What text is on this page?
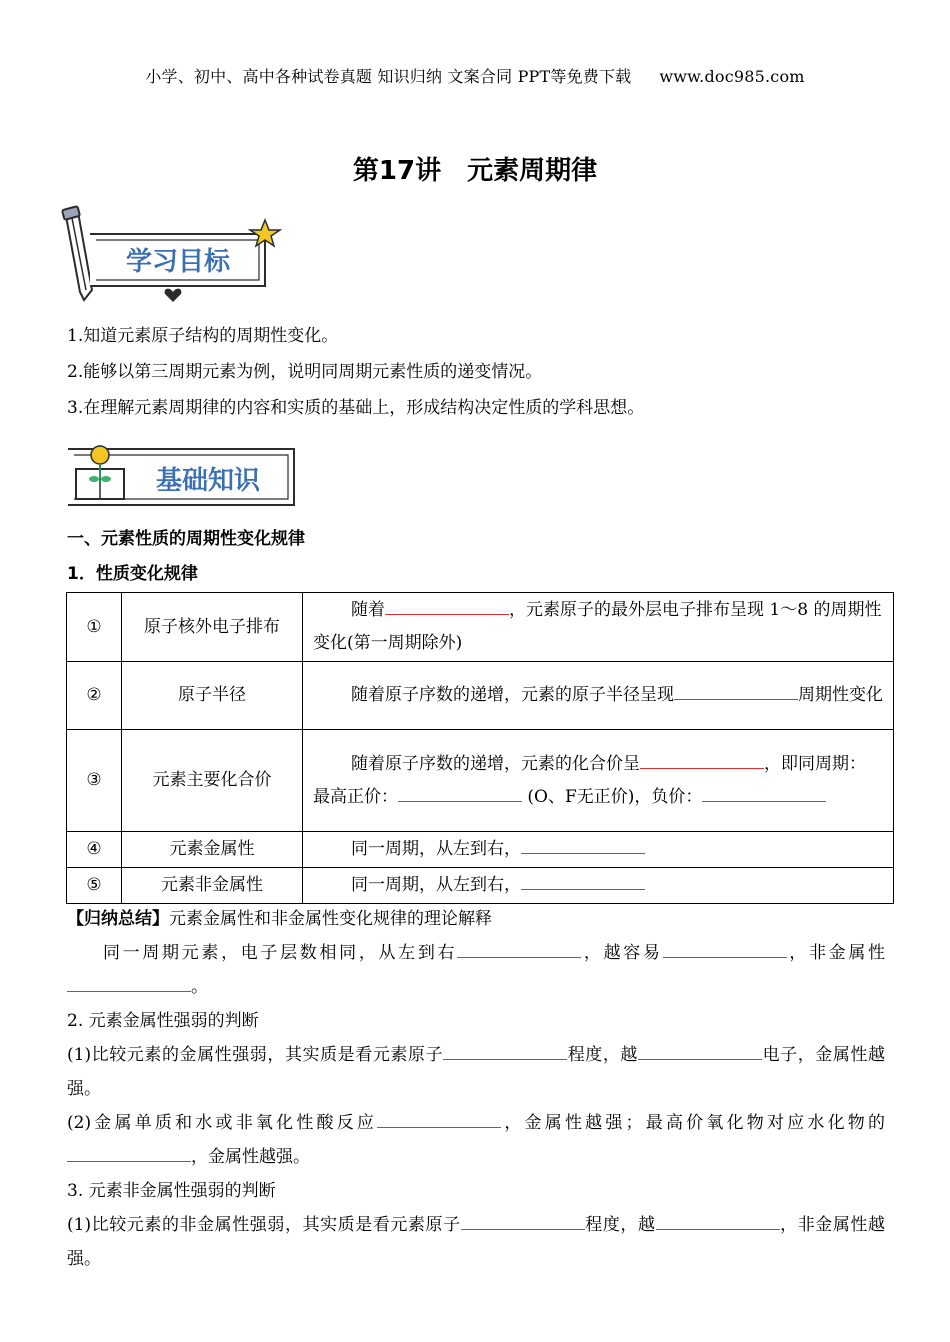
小学、初中、高中各种试卷真题 知识归纳 文案合同 PPT等免费下载 www.doc985.com
第17讲 元素周期律
学习目标

1.知道元素原子结构的周期性变化。

2.能够以第三周期元素为例，说明同周期元素性质的递变情况。

3.在理解元素周期律的内容和实质的基础上，形成结构决定性质的学科思想。

基础知识
一、元素性质的周期性变化规律
1．性质变化规律
①	原子核外电子排布	随着 ，元素原子的最外层电子排布呈现 1～8 的周期性变化(第一周期除外)
②	原子半径	随着原子序数的递增，元素的原子半径呈现 周期性变化
③	元素主要化合价	随着原子序数的递增，元素的化合价呈 ，即同周期：
最高正价： (O、F无正价)，负价：
④	元素金属性	同一周期，从左到右，
⑤	元素非金属性	同一周期，从左到右，

【归纳总结】元素金属性和非金属性变化规律的理论解释

同一周期元素，电子层数相同，从左到右	，越容易	，非金属性。

2. 元素金属性强弱的判断

(1)比较元素的金属性强弱，其实质是看元素原子	程度，越	电子，金属性越强。

(2)金属单质和水或非氧化性酸反应	，金属性越强；最高价氧化物对应水化物的，金属性越强。

3. 元素非金属性强弱的判断

(1)比较元素的非金属性强弱，其实质是看元素原子	程度，越	，非金属性越强。
